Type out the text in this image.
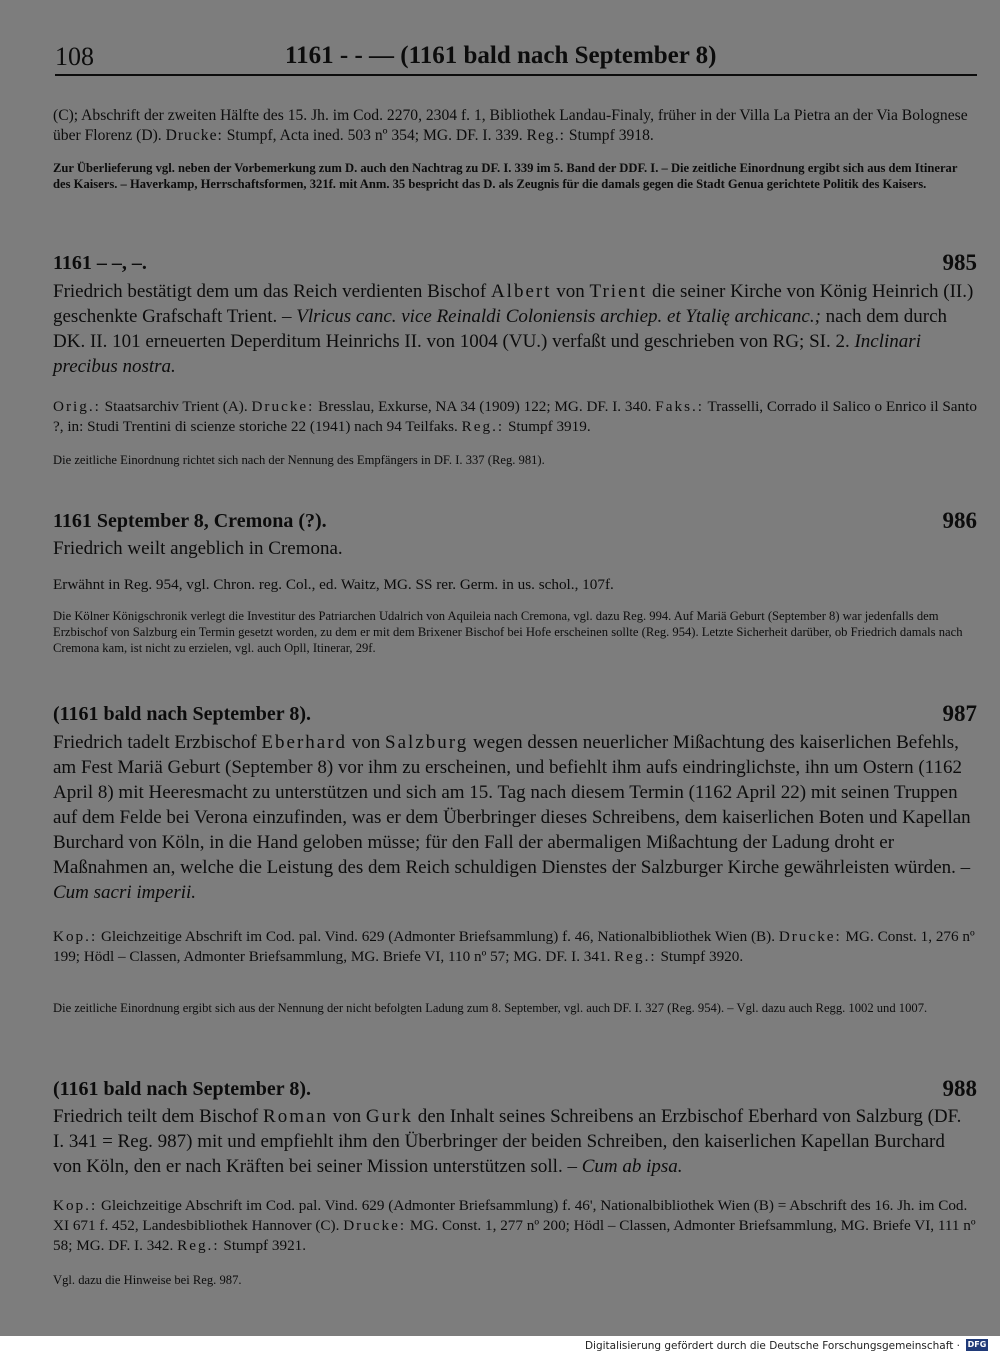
108	1161 - - — (1161 bald nach September 8)
(C); Abschrift der zweiten Hälfte des 15. Jh. im Cod. 2270, 2304 f. 1, Bibliothek Landau-Finaly, früher in der Villa La Pietra an der Via Bolognese über Florenz (D). Drucke: Stumpf, Acta ined. 503 nº 354; MG. DF. I. 339. Reg.: Stumpf 3918.
Zur Überlieferung vgl. neben der Vorbemerkung zum D. auch den Nachtrag zu DF. I. 339 im 5. Band der DDF. I. – Die zeitliche Einordnung ergibt sich aus dem Itinerar des Kaisers. – Haverkamp, Herrschaftsformen, 321f. mit Anm. 35 bespricht das D. als Zeugnis für die damals gegen die Stadt Genua gerichtete Politik des Kaisers.
1161 – –, –.	985
Friedrich bestätigt dem um das Reich verdienten Bischof Albert von Trient die seiner Kirche von König Heinrich (II.) geschenkte Grafschaft Trient. – Vlricus canc. vice Reinaldi Coloniensis archiep. et Ytalię archicanc.; nach dem durch DK. II. 101 erneuerten Deperditum Heinrichs II. von 1004 (VU.) verfaßt und geschrieben von RG; SI. 2. Inclinari precibus nostra.
Orig.: Staatsarchiv Trient (A). Drucke: Bresslau, Exkurse, NA 34 (1909) 122; MG. DF. I. 340. Faks.: Trasselli, Corrado il Salico o Enrico il Santo ?, in: Studi Trentini di scienze storiche 22 (1941) nach 94 Teilfaks. Reg.: Stumpf 3919.
Die zeitliche Einordnung richtet sich nach der Nennung des Empfängers in DF. I. 337 (Reg. 981).
1161 September 8, Cremona (?).	986
Friedrich weilt angeblich in Cremona.
Erwähnt in Reg. 954, vgl. Chron. reg. Col., ed. Waitz, MG. SS rer. Germ. in us. schol., 107f.
Die Kölner Königschronik verlegt die Investitur des Patriarchen Udalrich von Aquileia nach Cremona, vgl. dazu Reg. 994. Auf Mariä Geburt (September 8) war jedenfalls dem Erzbischof von Salzburg ein Termin gesetzt worden, zu dem er mit dem Brixener Bischof bei Hofe erscheinen sollte (Reg. 954). Letzte Sicherheit darüber, ob Friedrich damals nach Cremona kam, ist nicht zu erzielen, vgl. auch Opll, Itinerar, 29f.
(1161 bald nach September 8).	987
Friedrich tadelt Erzbischof Eberhard von Salzburg wegen dessen neuerlicher Mißachtung des kaiserlichen Befehls, am Fest Mariä Geburt (September 8) vor ihm zu erscheinen, und befiehlt ihm aufs eindringlichste, ihn um Ostern (1162 April 8) mit Heeresmacht zu unterstützen und sich am 15. Tag nach diesem Termin (1162 April 22) mit seinen Truppen auf dem Felde bei Verona einzufinden, was er dem Überbringer dieses Schreibens, dem kaiserlichen Boten und Kapellan Burchard von Köln, in die Hand geloben müsse; für den Fall der abermaligen Mißachtung der Ladung droht er Maßnahmen an, welche die Leistung des dem Reich schuldigen Dienstes der Salzburger Kirche gewährleisten würden. – Cum sacri imperii.
Kop.: Gleichzeitige Abschrift im Cod. pal. Vind. 629 (Admonter Briefsammlung) f. 46, Nationalbibliothek Wien (B). Drucke: MG. Const. 1, 276 nº 199; Hödl – Classen, Admonter Briefsammlung, MG. Briefe VI, 110 nº 57; MG. DF. I. 341. Reg.: Stumpf 3920.
Die zeitliche Einordnung ergibt sich aus der Nennung der nicht befolgten Ladung zum 8. September, vgl. auch DF. I. 327 (Reg. 954). – Vgl. dazu auch Regg. 1002 und 1007.
(1161 bald nach September 8).	988
Friedrich teilt dem Bischof Roman von Gurk den Inhalt seines Schreibens an Erzbischof Eberhard von Salzburg (DF. I. 341 = Reg. 987) mit und empfiehlt ihm den Überbringer der beiden Schreiben, den kaiserlichen Kapellan Burchard von Köln, den er nach Kräften bei seiner Mission unterstützen soll. – Cum ab ipsa.
Kop.: Gleichzeitige Abschrift im Cod. pal. Vind. 629 (Admonter Briefsammlung) f. 46', Nationalbibliothek Wien (B) = Abschrift des 16. Jh. im Cod. XI 671 f. 452, Landesbibliothek Hannover (C). Drucke: MG. Const. 1, 277 nº 200; Hödl – Classen, Admonter Briefsammlung, MG. Briefe VI, 111 nº 58; MG. DF. I. 342. Reg.: Stumpf 3921.
Vgl. dazu die Hinweise bei Reg. 987.
Digitalisierung gefördert durch die Deutsche Forschungsgemeinschaft · DFG
